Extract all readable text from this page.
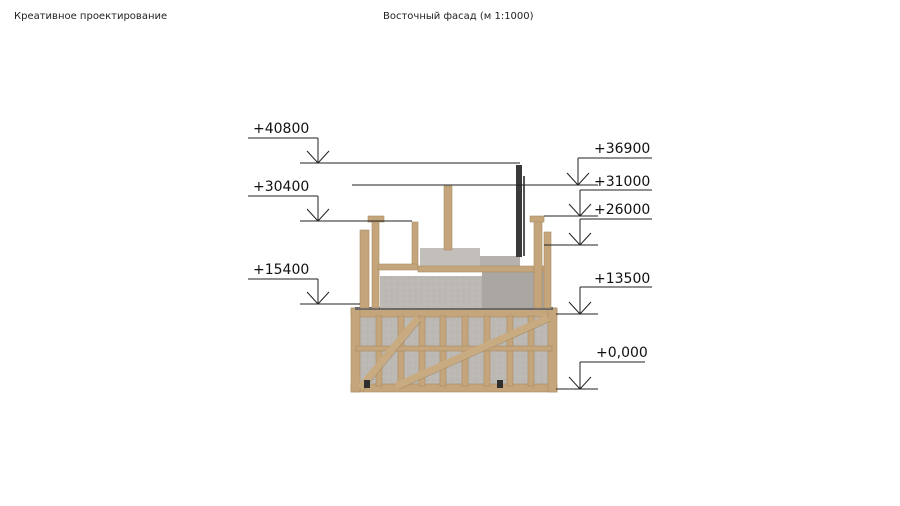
Креативное проектирование	Восточный фасад (м 1:1000)
+40800
+30400
+15400
+36900
+31000
+26000
+13500
+0,000
